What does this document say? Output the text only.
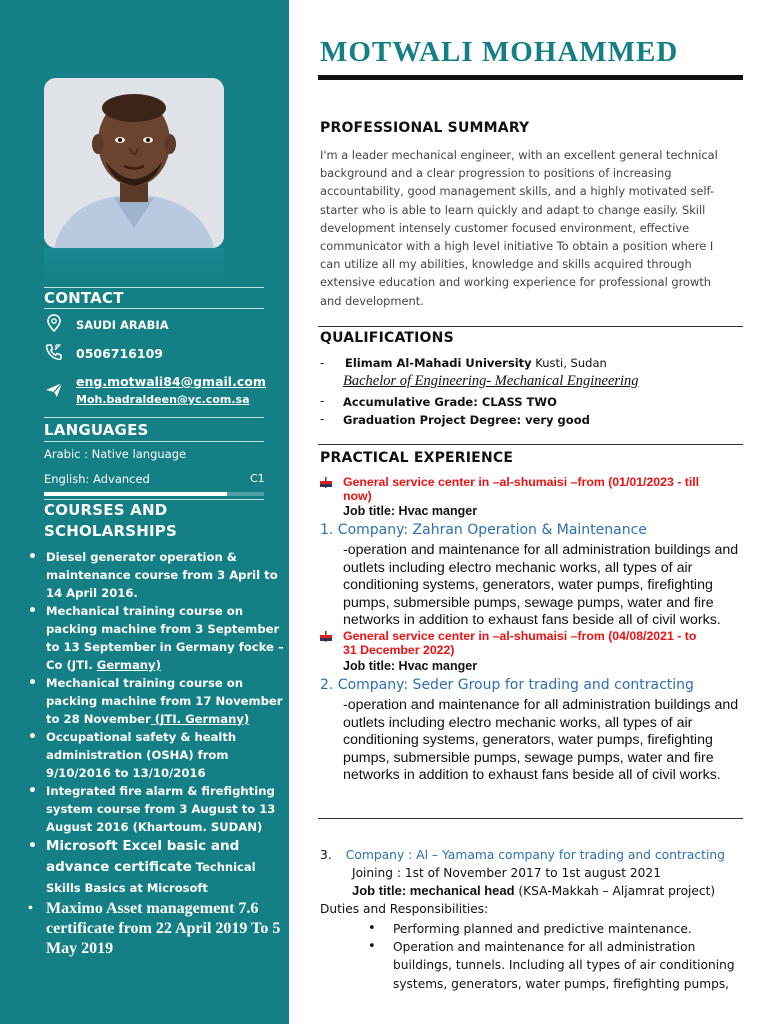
CONTACT
SAUDI ARABIA
0506716109
eng.motwali84@gmail.com
Moh.badraldeen@yc.com.sa
LANGUAGES
Arabic : Native language
English: Advanced	C1
COURSES AND
SCHOLARSHIPS
• Diesel generator operation & maintenance course from 3 April to 14 April 2016.
• Mechanical training course on packing machine from 3 September to 13 September in Germany focke – Co (JTI. Germany)
• Mechanical training course on packing machine from 17 November to 28 November (JTI. Germany)
• Occupational safety & health administration (OSHA) from 9/10/2016 to 13/10/2016
• Integrated fire alarm & firefighting system course from 3 August to 13 August 2016 (Khartoum. SUDAN)
• Microsoft Excel basic and advance certificate Technical Skills Basics at Microsoft
• Maximo Asset management 7.6 certificate from 22 April 2019 To 5 May 2019
MOTWALI MOHAMMED
PROFESSIONAL SUMMARY
I'm a leader mechanical engineer, with an excellent general technical background and a clear progression to positions of increasing accountability, good management skills, and a highly motivated self-starter who is able to learn quickly and adapt to change easily. Skill development intensely customer focused environment, effective communicator with a high level initiative To obtain a position where I can utilize all my abilities, knowledge and skills acquired through extensive education and working experience for professional growth and development.
QUALIFICATIONS
- Elimam Al-Mahadi University Kusti, Sudan
Bachelor of Engineering- Mechanical Engineering
- Accumulative Grade: CLASS TWO
- Graduation Project Degree: very good
PRACTICAL EXPERIENCE
General service center in –al-shumaisi –from (01/01/2023 - till
now)
Job title: Hvac manger
1. Company: Zahran Operation & Maintenance
-operation and maintenance for all administration buildings and outlets including electro mechanic works, all types of air conditioning systems, generators, water pumps, firefighting pumps, submersible pumps, sewage pumps, water and fire networks in addition to exhaust fans beside all of civil works.
General service center in –al-shumaisi –from (04/08/2021 - to
31 December 2022)
Job title: Hvac manger
2. Company: Seder Group for trading and contracting
-operation and maintenance for all administration buildings and outlets including electro mechanic works, all types of air conditioning systems, generators, water pumps, firefighting pumps, submersible pumps, sewage pumps, water and fire networks in addition to exhaust fans beside all of civil works.
3. Company : Al – Yamama company for trading and contracting
Joining : 1st of November 2017 to 1st august 2021
Job title: mechanical head (KSA-Makkah – Aljamrat project)
Duties and Responsibilities:
• Performing planned and predictive maintenance.
• Operation and maintenance for all administration buildings, tunnels. Including all types of air conditioning systems, generators, water pumps, firefighting pumps,
